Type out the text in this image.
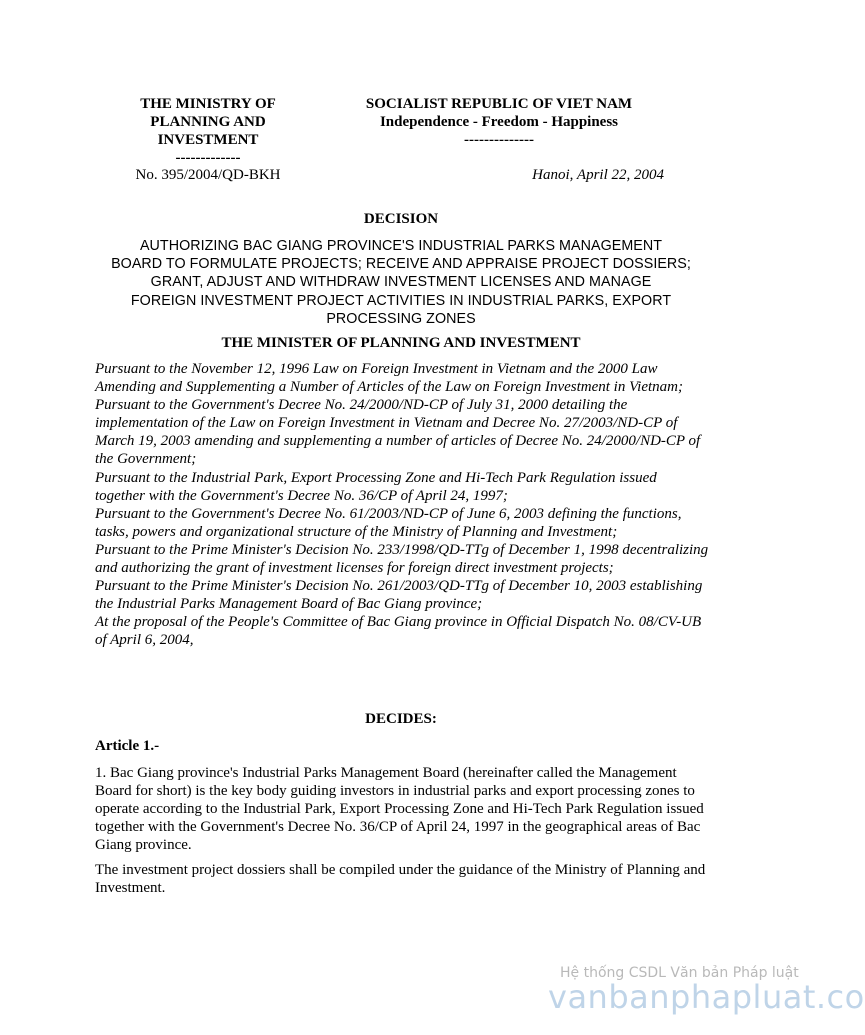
THE MINISTRY OF
PLANNING AND
INVESTMENT
-------------
SOCIALIST REPUBLIC OF VIET NAM
Independence - Freedom - Happiness
--------------
No. 395/2004/QD-BKH	Hanoi, April 22, 2004
DECISION
AUTHORIZING BAC GIANG PROVINCE'S INDUSTRIAL PARKS MANAGEMENT
BOARD TO FORMULATE PROJECTS; RECEIVE AND APPRAISE PROJECT DOSSIERS;
GRANT, ADJUST AND WITHDRAW INVESTMENT LICENSES AND MANAGE
FOREIGN INVESTMENT PROJECT ACTIVITIES IN INDUSTRIAL PARKS, EXPORT
PROCESSING ZONES
THE MINISTER OF PLANNING AND INVESTMENT

Pursuant to the November 12, 1996 Law on Foreign Investment in Vietnam and the 2000 Law Amending and Supplementing a Number of Articles of the Law on Foreign Investment in Vietnam;

Pursuant to the Government's Decree No. 24/2000/ND-CP of July 31, 2000 detailing the implementation of the Law on Foreign Investment in Vietnam and Decree No. 27/2003/ND-CP of March 19, 2003 amending and supplementing a number of articles of Decree No. 24/2000/ND-CP of the Government;

Pursuant to the Industrial Park, Export Processing Zone and Hi-Tech Park Regulation issued together with the Government's Decree No. 36/CP of April 24, 1997;

Pursuant to the Government's Decree No. 61/2003/ND-CP of June 6, 2003 defining the functions, tasks, powers and organizational structure of the Ministry of Planning and Investment;

Pursuant to the Prime Minister's Decision No. 233/1998/QD-TTg of December 1, 1998 decentralizing and authorizing the grant of investment licenses for foreign direct investment projects;

Pursuant to the Prime Minister's Decision No. 261/2003/QD-TTg of December 10, 2003 establishing the Industrial Parks Management Board of Bac Giang province;

At the proposal of the People's Committee of Bac Giang province in Official Dispatch No. 08/CV-UB of April 6, 2004,

DECIDES:
Article 1.-

1. Bac Giang province's Industrial Parks Management Board (hereinafter called the Management Board for short) is the key body guiding investors in industrial parks and export processing zones to operate according to the Industrial Park, Export Processing Zone and Hi-Tech Park Regulation issued together with the Government's Decree No. 36/CP of April 24, 1997 in the geographical areas of Bac Giang province.

The investment project dossiers shall be compiled under the guidance of the Ministry of Planning and Investment.

Hệ thống CSDL Văn bản Pháp luật
vanbanphapluat.co
